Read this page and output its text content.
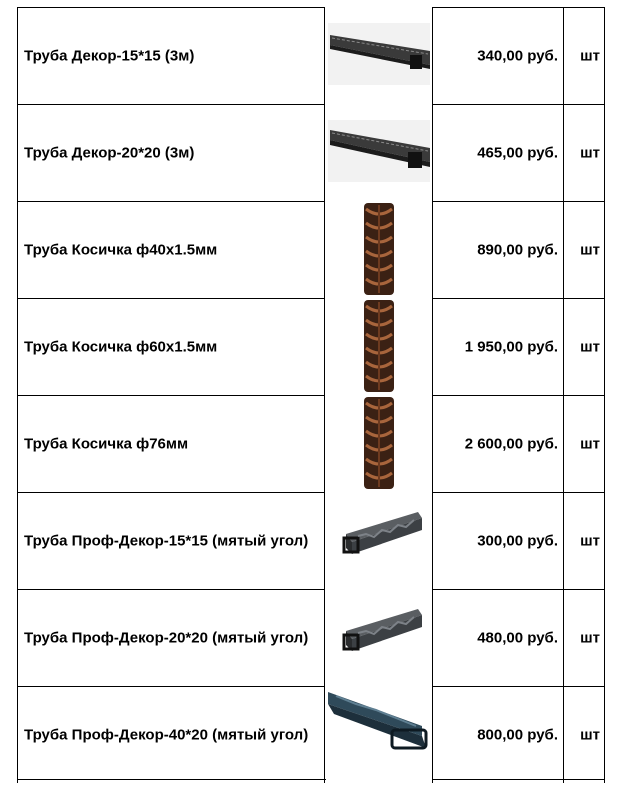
Труба Декор-15*15 (3м)	340,00 руб.	шт
Труба Декор-20*20 (3м)	465,00 руб.	шт
Труба Косичка ф40х1.5мм	890,00 руб.	шт
Труба Косичка ф60х1.5мм	1 950,00 руб.	шт
Труба Косичка ф76мм	2 600,00 руб.	шт
Труба Проф-Декор-15*15 (мятый угол)	300,00 руб.	шт
Труба Проф-Декор-20*20 (мятый угол)	480,00 руб.	шт
Труба Проф-Декор-40*20 (мятый угол)	800,00 руб.	шт
